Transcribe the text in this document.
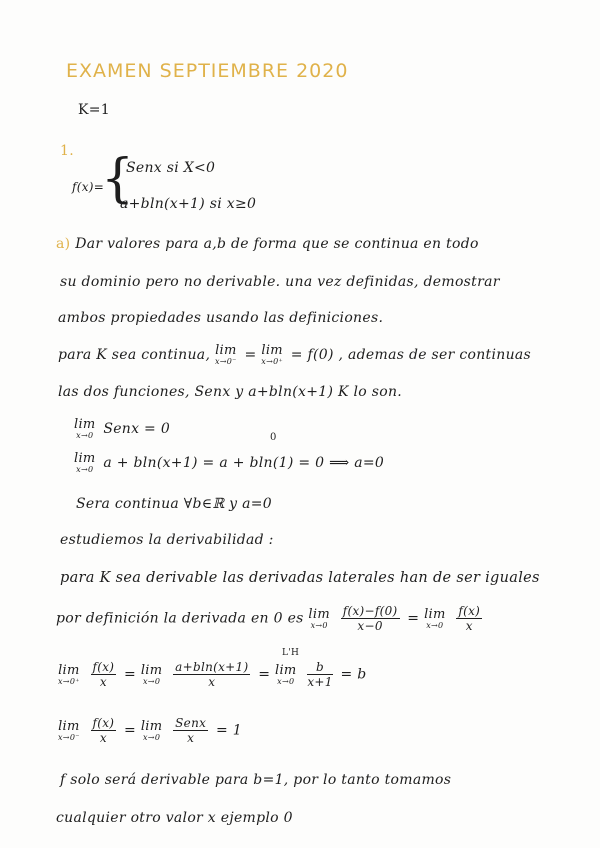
EXAMEN SEPTIEMBRE 2020
K=1
1.
f(x)=
{
Senx si X<0
a+bln(x+1) si x≥0
a) Dar valores para a,b de forma que se continua en todo
su dominio pero no derivable. una vez definidas, demostrar
ambos propiedades usando las definiciones.
para K sea continua, lim
x→0⁻ = lim
x→0⁺ = f(0) , ademas de ser continuas
las dos funciones, Senx y a+bln(x+1) K lo son.
lim
x→0 Senx = 0
0
lim
x→0 a + bln(x+1) = a + bln(1) = 0 ⟹ a=0
Sera continua ∀b∈ℝ y a=0
estudiemos la derivabilidad :
para K sea derivable las derivadas laterales han de ser iguales
por definición la derivada en 0 es lim
x→0
$\frac{f(x)-f(0)}{x-0} = \lim$
x→0
$\frac{f(x)}{x}$
L'H
lim
x→0⁺
$\frac{f(x)}{x} = \lim$
x→0
$\frac{a+bln(x+1)}{x} = \lim$
x→0
$\frac{b}{x+1} = b$
lim
x→0⁻
$\frac{f(x)}{x} = \lim$
x→0
$\frac{\text{Senx}}{x} = 1$
f solo será derivable para b=1, por lo tanto tomamos
cualquier otro valor x ejemplo 0
